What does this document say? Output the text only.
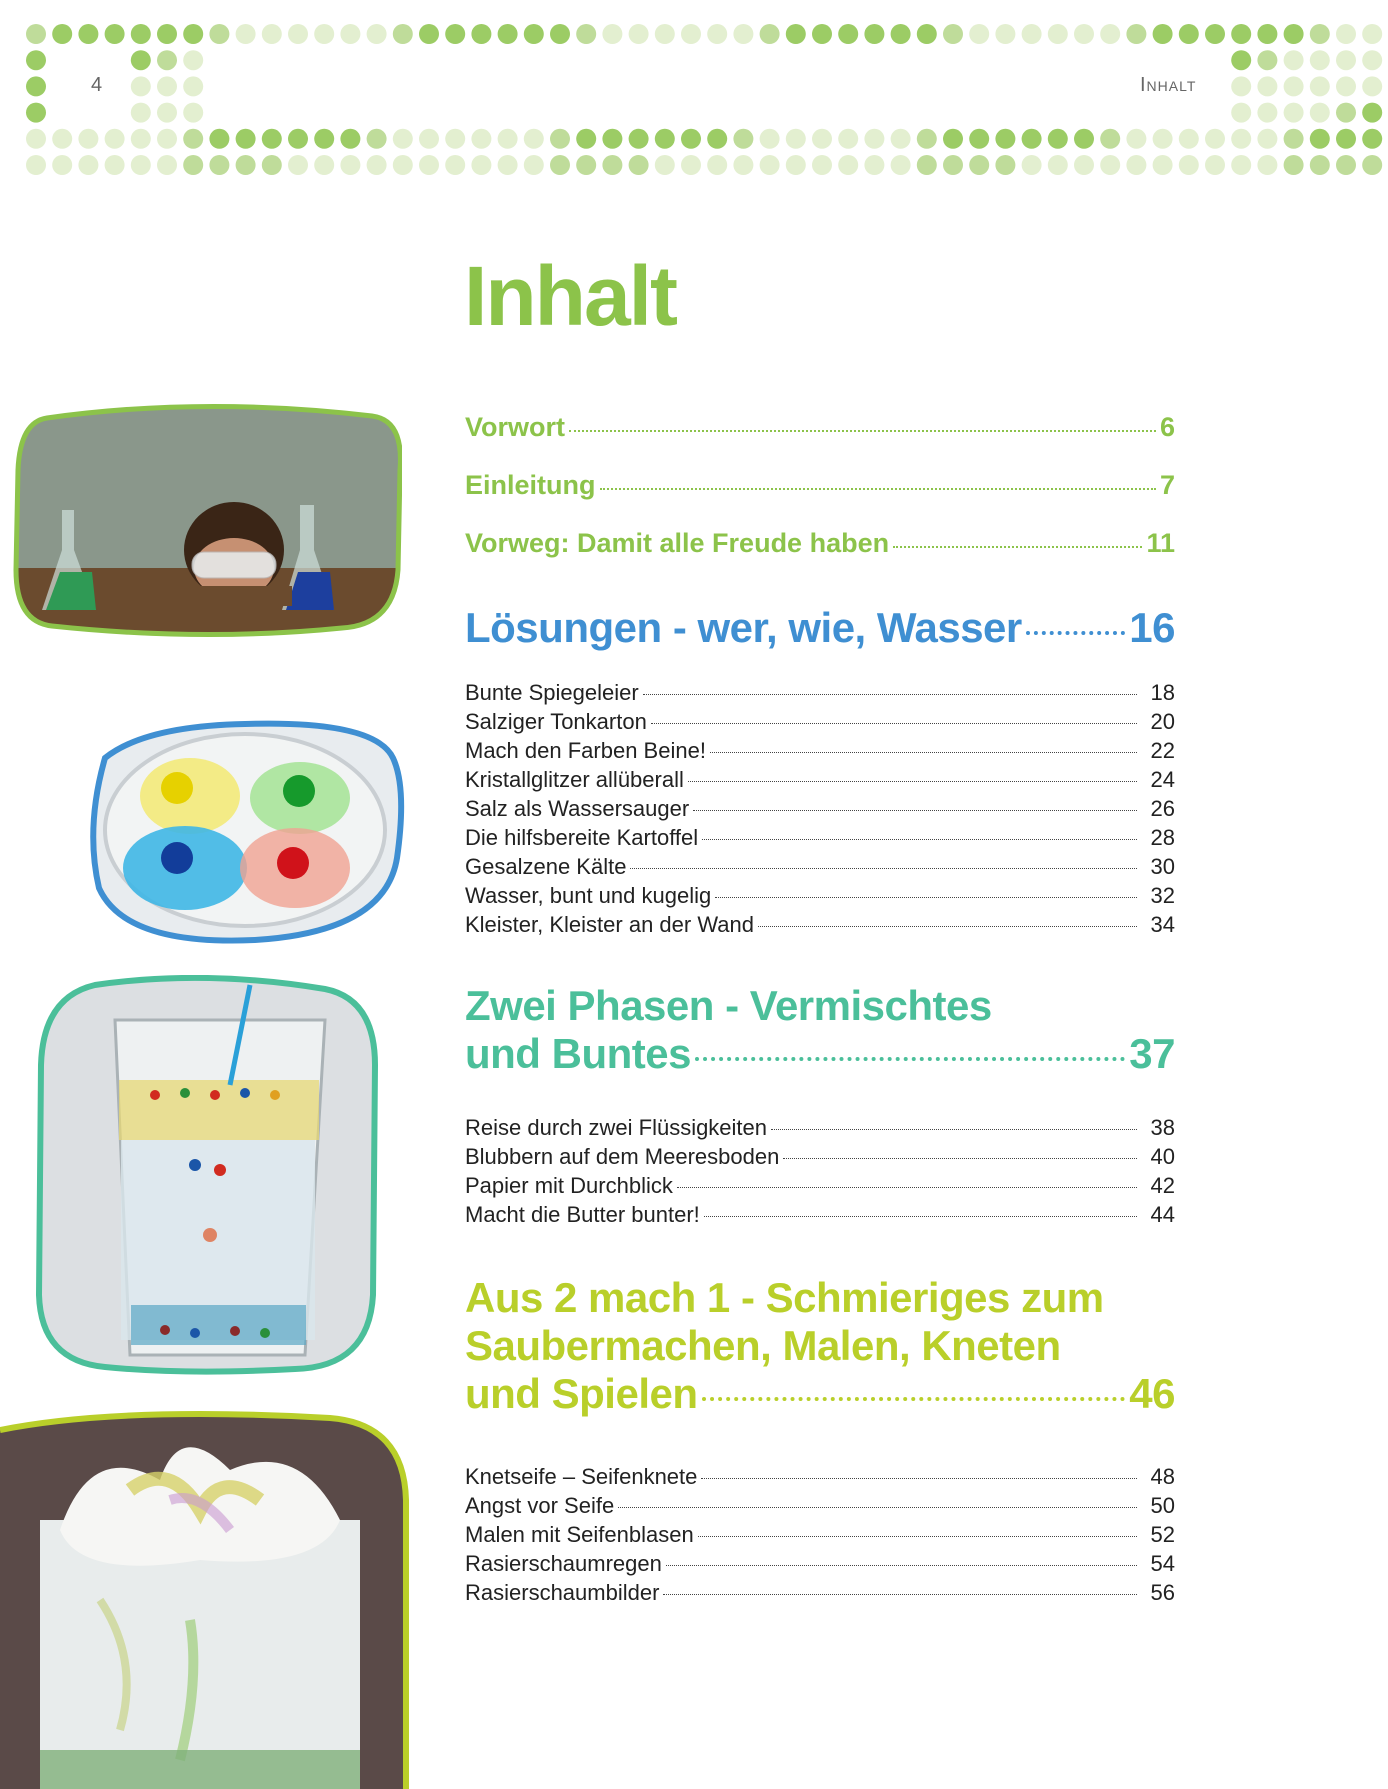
4	Inhalt
Inhalt
Vorwort	6
Einleitung	7
Vorweg: Damit alle Freude haben	11
Lösungen - wer, wie, Wasser	16
Bunte Spiegeleier	18
Salziger Tonkarton	20
Mach den Farben Beine!	22
Kristallglitzer allüberall	24
Salz als Wassersauger	26
Die hilfsbereite Kartoffel	28
Gesalzene Kälte	30
Wasser, bunt und kugelig	32
Kleister, Kleister an der Wand	34
Zwei Phasen - Vermischtes
und Buntes	37
Reise durch zwei Flüssigkeiten	38
Blubbern auf dem Meeresboden	40
Papier mit Durchblick	42
Macht die Butter bunter!	44
Aus 2 mach 1 - Schmieriges zum
Saubermachen, Malen, Kneten
und Spielen	46
Knetseife – Seifenknete	48
Angst vor Seife	50
Malen mit Seifenblasen	52
Rasierschaumregen	54
Rasierschaumbilder	56
